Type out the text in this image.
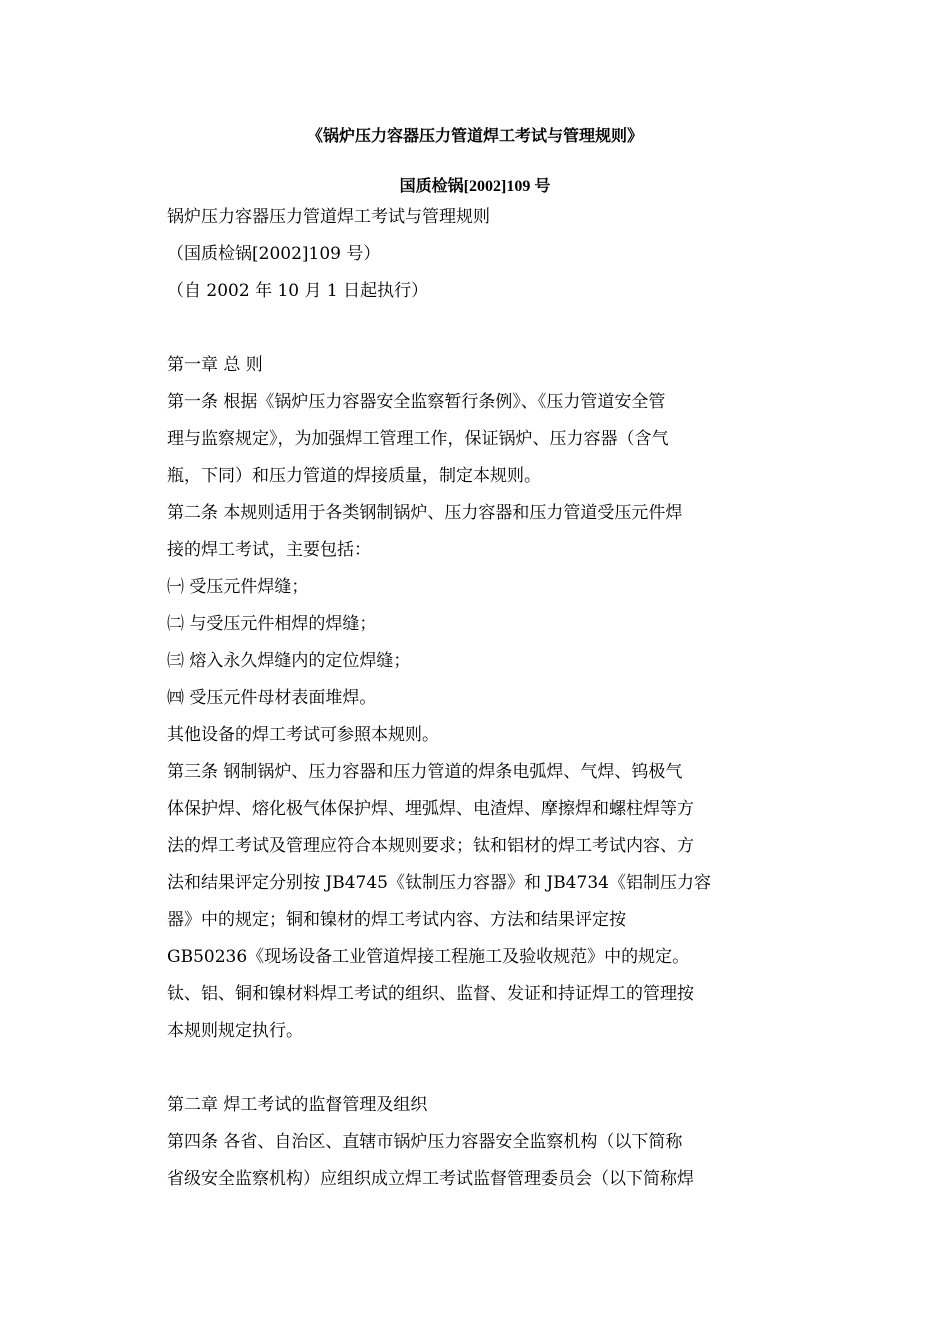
《锅炉压力容器压力管道焊工考试与管理规则》
国质检锅[2002]109 号
锅炉压力容器压力管道焊工考试与管理规则
（国质检锅[2002]109 号）
（自 2002 年 10 月 1 日起执行）
第一章 总 则
第一条 根据《锅炉压力容器安全监察暂行条例》、《压力管道安全管
理与监察规定》，为加强焊工管理工作，保证锅炉、压力容器（含气
瓶，下同）和压力管道的焊接质量，制定本规则。
第二条 本规则适用于各类钢制锅炉、压力容器和压力管道受压元件焊
接的焊工考试，主要包括：
㈠ 受压元件焊缝；
㈡ 与受压元件相焊的焊缝；
㈢ 熔入永久焊缝内的定位焊缝；
㈣ 受压元件母材表面堆焊。
其他设备的焊工考试可参照本规则。
第三条 钢制锅炉、压力容器和压力管道的焊条电弧焊、气焊、钨极气
体保护焊、熔化极气体保护焊、埋弧焊、电渣焊、摩擦焊和螺柱焊等方
法的焊工考试及管理应符合本规则要求；钛和铝材的焊工考试内容、方
法和结果评定分别按 JB4745《钛制压力容器》和 JB4734《铝制压力容
器》中的规定；铜和镍材的焊工考试内容、方法和结果评定按
GB50236《现场设备工业管道焊接工程施工及验收规范》中的规定。
钛、铝、铜和镍材料焊工考试的组织、监督、发证和持证焊工的管理按
本规则规定执行。
第二章 焊工考试的监督管理及组织
第四条 各省、自治区、直辖市锅炉压力容器安全监察机构（以下简称
省级安全监察机构）应组织成立焊工考试监督管理委员会（以下简称焊
